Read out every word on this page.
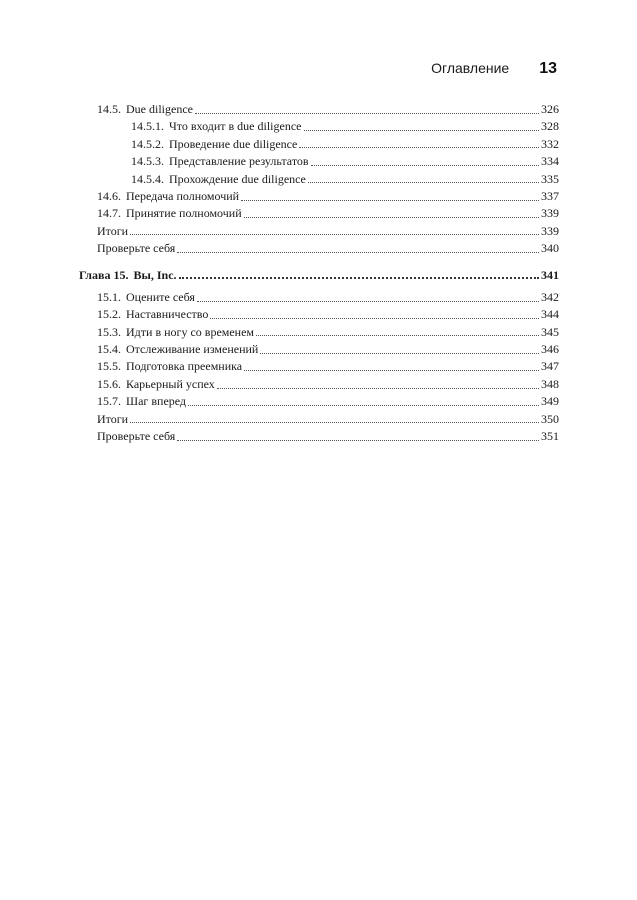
Оглавление 13
14.5. Due diligence	326
14.5.1. Что входит в due diligence	328
14.5.2. Проведение due diligence	332
14.5.3. Представление результатов	334
14.5.4. Прохождение due diligence	335
14.6. Передача полномочий	337
14.7. Принятие полномочий	339
Итоги	339
Проверьте себя	340
Глава 15. Вы, Inc.	341
15.1. Оцените себя	342
15.2. Наставничество	344
15.3. Идти в ногу со временем	345
15.4. Отслеживание изменений	346
15.5. Подготовка преемника	347
15.6. Карьерный успех	348
15.7. Шаг вперед	349
Итоги	350
Проверьте себя	351
